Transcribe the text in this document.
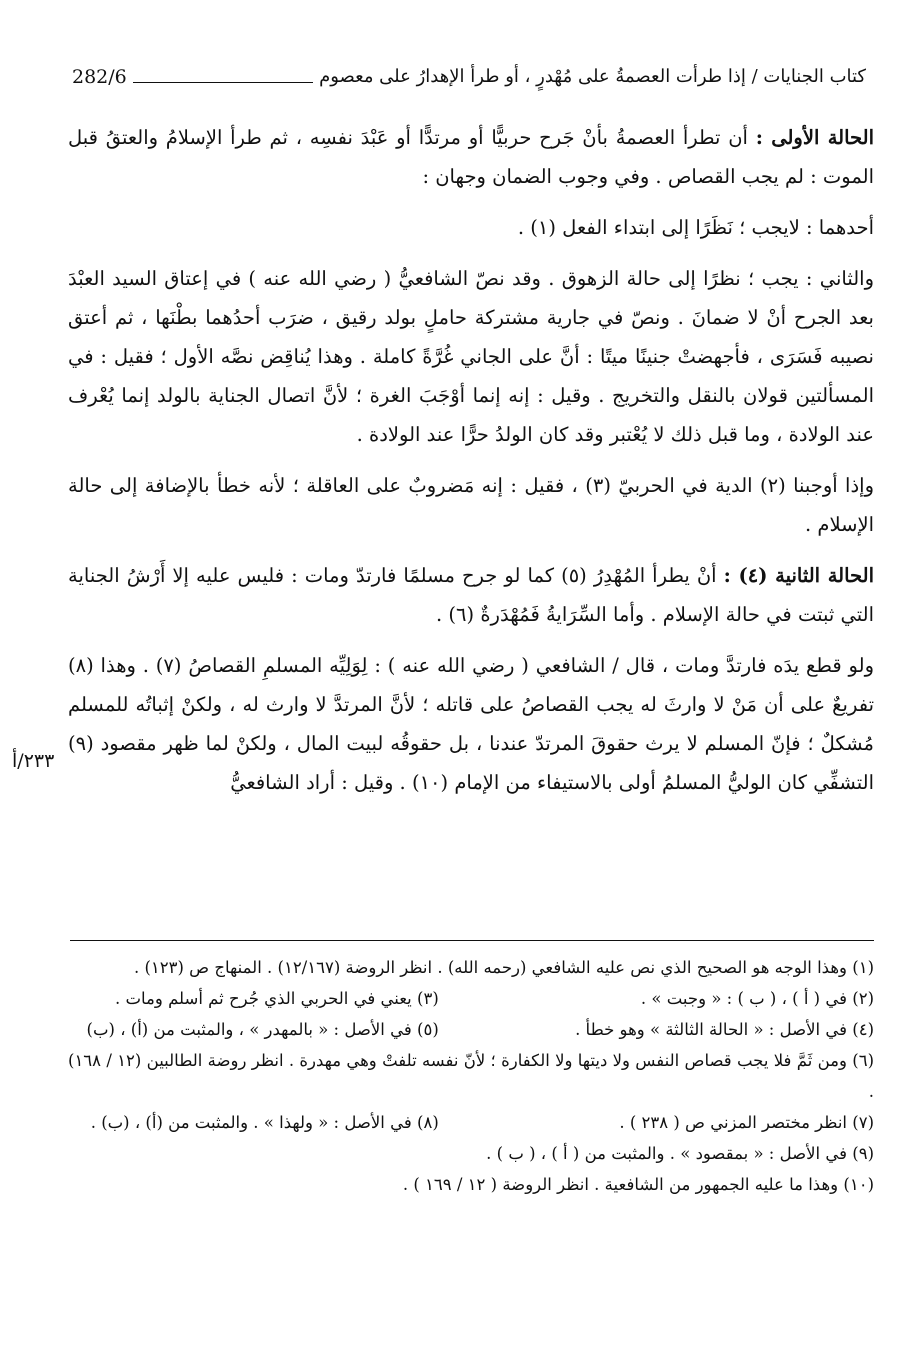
كتاب الجنايات / إذا طرأت العصمةُ على مُهْدرٍ ، أو طرأ الإهدارُ على معصوم
282/6
٢٣٣/أ

الحالة الأولى : أن تطرأ العصمةُ بأنْ جَرح حربيًّا أو مرتدًّا أو عَبْدَ نفسِه ، ثم طرأ الإسلامُ والعتقُ قبل الموت : لم يجب القصاص . وفي وجوب الضمان وجهان :

أحدهما : لايجب ؛ نَظَرًا إلى ابتداء الفعل (١) .

والثاني : يجب ؛ نظرًا إلى حالة الزهوق . وقد نصّ الشافعيُّ ( رضي الله عنه ) في إعتاق السيد العبْدَ بعد الجرح أنْ لا ضمانَ . ونصّ في جارية مشتركة حاملٍ بولد رقيق ، ضرَب أحدُهما بطْنَها ، ثم أعتق نصيبه فَسَرَى ، فأجهضتْ جنينًا ميتًا : أنَّ على الجاني غُرَّةً كاملة . وهذا يُناقِض نصَّه الأول ؛ فقيل : في المسألتين قولان بالنقل والتخريج . وقيل : إنه إنما أوْجَبَ الغرة ؛ لأنَّ اتصال الجناية بالولد إنما يُعْرف عند الولادة ، وما قبل ذلك لا يُعْتبر وقد كان الولدُ حرًّا عند الولادة .

وإذا أوجبنا (٢) الدية في الحربيّ (٣) ، فقيل : إنه مَضروبٌ على العاقلة ؛ لأنه خطأ بالإضافة إلى حالة الإسلام .

الحالة الثانية (٤) : أنْ يطرأ المُهْدِرُ (٥) كما لو جرح مسلمًا فارتدّ ومات : فليس عليه إلا أَرْشُ الجناية التي ثبتت في حالة الإسلام . وأما السِّرَايةُ فَمُهْدَرةٌ (٦) .

ولو قطع يدَه فارتدَّ ومات ، قال / الشافعي ( رضي الله عنه ) : لِوَلِيِّه المسلمِ القصاصُ (٧) . وهذا (٨) تفريعٌ على أن مَنْ لا وارثَ له يجب القصاصُ على قاتله ؛ لأنَّ المرتدَّ لا وارث له ، ولكنْ إثباتُه للمسلم مُشكلٌ ؛ فإنّ المسلم لا يرث حقوقَ المرتدّ عندنا ، بل حقوقُه لبيت المال ، ولكنْ لما ظهر مقصود (٩) التشفِّي كان الوليُّ المسلمُ أولى بالاستيفاء من الإمام (١٠) . وقيل : أراد الشافعيُّ

(١) وهذا الوجه هو الصحيح الذي نص عليه الشافعي (رحمه الله) . انظر الروضة (١٢/١٦٧) . المنهاج ص (١٢٣) .

(٢) في ( أ ) ، ( ب ) : « وجبت » .
(٣) يعني في الحربي الذي جُرح ثم أسلم ومات .
(٤) في الأصل : « الحالة الثالثة » وهو خطأ .
(٥) في الأصل : « بالمهدر » ، والمثبت من (أ) ، (ب)

(٦) ومن ثَمَّ فلا يجب قصاص النفس ولا ديتها ولا الكفارة ؛ لأنّ نفسه تلفتْ وهي مهدرة . انظر روضة الطالبين (١٢ / ١٦٨) .

(٧) انظر مختصر المزني ص ( ٢٣٨ ) .
(٨) في الأصل : « ولهذا » . والمثبت من (أ) ، (ب) .

(٩) في الأصل : « بمقصود » . والمثبت من ( أ ) ، ( ب ) .

(١٠) وهذا ما عليه الجمهور من الشافعية . انظر الروضة ( ١٢ / ١٦٩ ) .
